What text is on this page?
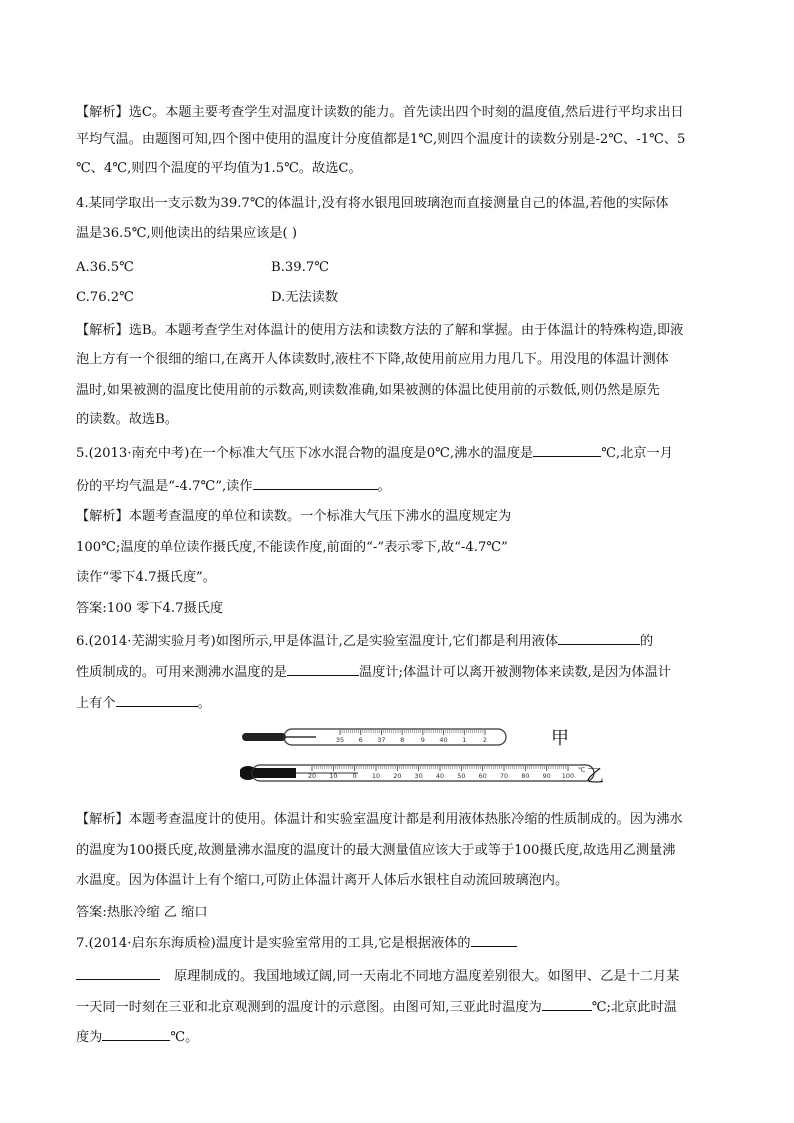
【解析】选C。本题主要考查学生对温度计读数的能力。首先读出四个时刻的温度值,然后进行平均求出日
平均气温。由题图可知,四个图中使用的温度计分度值都是1℃,则四个温度计的读数分别是-2℃、-1℃、5
℃、4℃,则四个温度的平均值为1.5℃。故选C。
4.某同学取出一支示数为39.7℃的体温计,没有将水银甩回玻璃泡而直接测量自己的体温,若他的实际体
温是36.5℃,则他读出的结果应该是( )
A.36.5℃	B.39.7℃
C.76.2℃	D.无法读数
【解析】选B。本题考查学生对体温计的使用方法和读数方法的了解和掌握。由于体温计的特殊构造,即液
泡上方有一个很细的缩口,在离开人体读数时,液柱不下降,故使用前应用力甩几下。用没甩的体温计测体
温时,如果被测的温度比使用前的示数高,则读数准确,如果被测的体温比使用前的示数低,则仍然是原先
的读数。故选B。
5.(2013·南充中考)在一个标准大气压下冰水混合物的温度是0℃,沸水的温度是	℃,北京一月
份的平均气温是“-4.7℃”,读作	。
【解析】本题考查温度的单位和读数。一个标准大气压下沸水的温度规定为
100℃;温度的单位读作摄氏度,不能读作度,前面的“-”表示零下,故“-4.7℃”
读作“零下4.7摄氏度”。
答案:100 零下4.7摄氏度
6.(2014·芜湖实验月考)如图所示,甲是体温计,乙是实验室温度计,它们都是利用液体	的
性质制成的。可用来测沸水温度的是	温度计;体温计可以离开被测物体来读数,是因为体温计
上有个	。
35 6 37 8	9 40 1	2
20 10 0 10 20 30 40 50 60 70 80 90 100
℃
甲
乙
【解析】本题考查温度计的使用。体温计和实验室温度计都是利用液体热胀冷缩的性质制成的。因为沸水
的温度为100摄氏度,故测量沸水温度的温度计的最大测量值应该大于或等于100摄氏度,故选用乙测量沸
水温度。因为体温计上有个缩口,可防止体温计离开人体后水银柱自动流回玻璃泡内。
答案:热胀冷缩 乙 缩口
7.(2014·启东东海质检)温度计是实验室常用的工具,它是根据液体的
原理制成的。我国地域辽阔,同一天南北不同地方温度差别很大。如图甲、乙是十二月某
一天同一时刻在三亚和北京观测到的温度计的示意图。由图可知,三亚此时温度为	℃;北京此时温
度为	℃。
